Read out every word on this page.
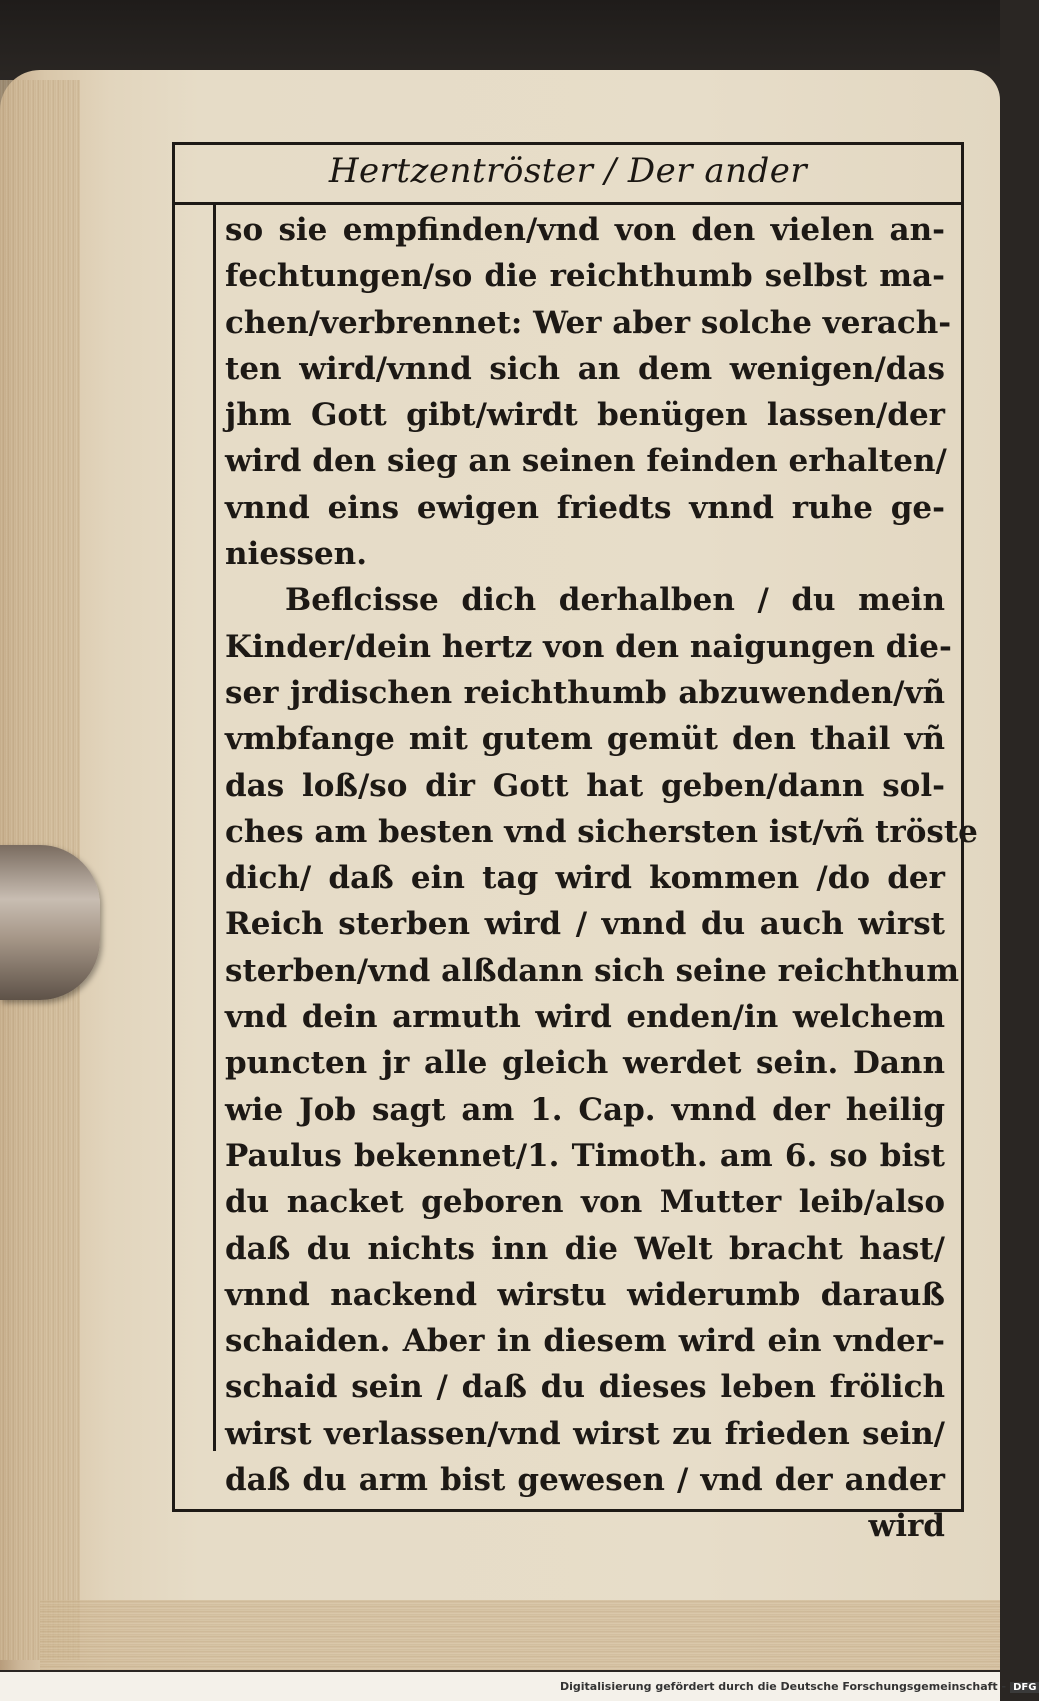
Hertzentröster / Der ander
so sie empfinden/vnd von den vielen an-
fechtungen/so die reichthumb selbst ma-
chen/verbrennet: Wer aber solche verach-
ten wird/vnnd sich an dem wenigen/das
jhm Gott gibt/wirdt benügen lassen/der
wird den sieg an seinen feinden erhalten/
vnnd eins ewigen friedts vnnd ruhe ge-
niessen.
Beflcisse dich derhalben / du mein
Kinder/dein hertz von den naigungen die-
ser jrdischen reichthumb abzuwenden/vñ
vmbfange mit gutem gemüt den thail vñ
das loß/so dir Gott hat geben/dann sol-
ches am besten vnd sichersten ist/vñ tröste
dich/ daß ein tag wird kommen /do der
Reich sterben wird / vnnd du auch wirst
sterben/vnd alßdann sich seine reichthum
vnd dein armuth wird enden/in welchem
puncten jr alle gleich werdet sein. Dann
wie Job sagt am 1. Cap. vnnd der heilig
Paulus bekennet/1. Timoth. am 6. so bist
du nacket geboren von Mutter leib/also
daß du nichts inn die Welt bracht hast/
vnnd nackend wirstu widerumb darauß
schaiden. Aber in diesem wird ein vnder-
schaid sein / daß du dieses leben frölich
wirst verlassen/vnd wirst zu frieden sein/
daß du arm bist gewesen / vnd der ander
wird
Digitalisierung gefördert durch die Deutsche Forschungsgemeinschaft - DFG
